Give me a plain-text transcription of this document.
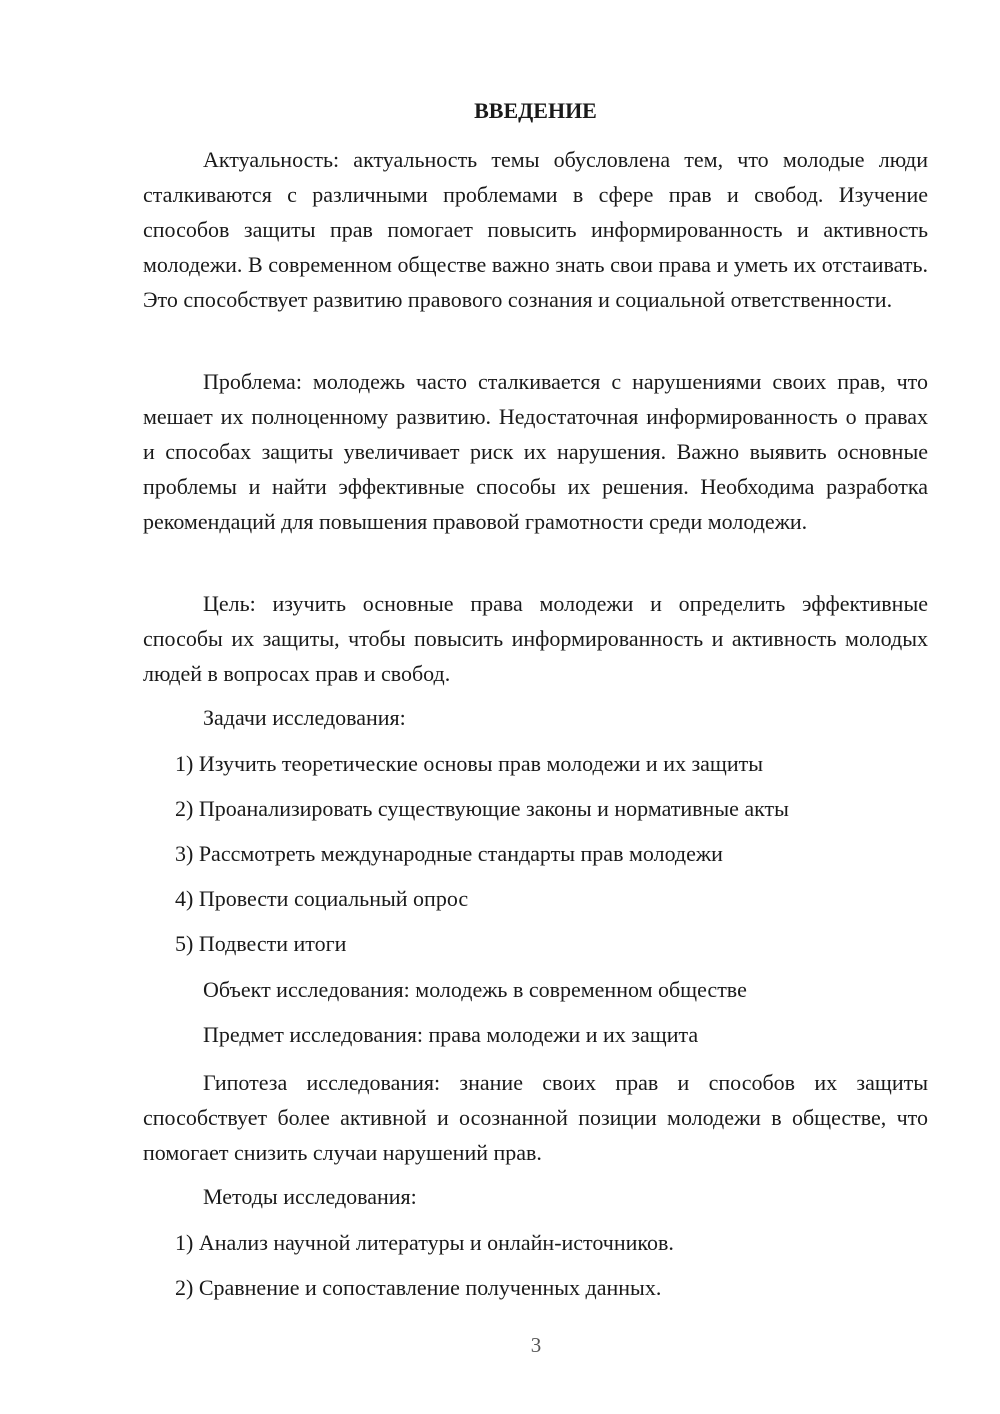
ВВЕДЕНИЕ

Актуальность: актуальность темы обусловлена тем, что молодые люди сталкиваются с различными проблемами в сфере прав и свобод. Изучение способов защиты прав помогает повысить информированность и активность молодежи. В современном обществе важно знать свои права и уметь их отстаивать. Это способствует развитию правового сознания и социальной ответственности.

Проблема: молодежь часто сталкивается с нарушениями своих прав, что мешает их полноценному развитию. Недостаточная информированность о правах и способах защиты увеличивает риск их нарушения. Важно выявить основные проблемы и найти эффективные способы их решения. Необходима разработка рекомендаций для повышения правовой грамотности среди молодежи.

Цель: изучить основные права молодежи и определить эффективные способы их защиты, чтобы повысить информированность и активность молодых людей в вопросах прав и свобод.

Задачи исследования:

1) Изучить теоретические основы прав молодежи и их защиты

2) Проанализировать существующие законы и нормативные акты

3) Рассмотреть международные стандарты прав молодежи

4) Провести социальный опрос

5) Подвести итоги

Объект исследования: молодежь в современном обществе

Предмет исследования: права молодежи и их защита

Гипотеза исследования: знание своих прав и способов их защиты способствует более активной и осознанной позиции молодежи в обществе, что помогает снизить случаи нарушений прав.

Методы исследования:

1) Анализ научной литературы и онлайн-источников.

2) Сравнение и сопоставление полученных данных.

3
